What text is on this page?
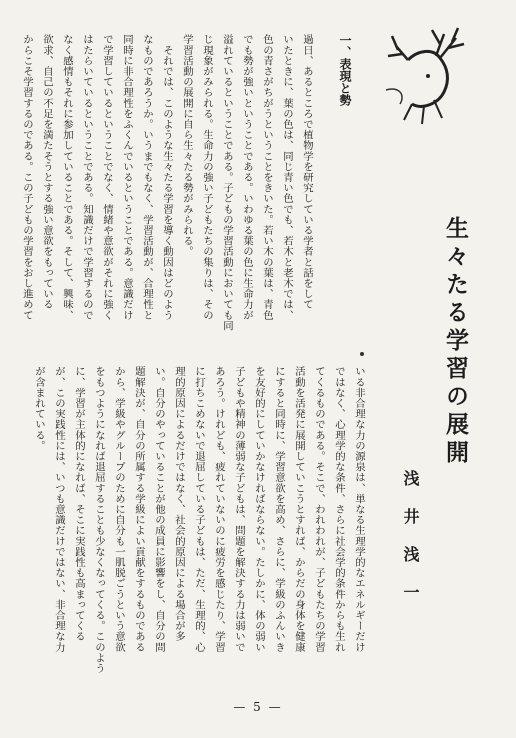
生々たる学習の展開
浅井浅一
一、表現と勢
過日、あるところで植物学を研究している学者と話をして
いたときに、葉の色は、同じ青い色でも、若木と老木では、
色の青さがちがうということをきいた。若い木の葉は、青色
でも勢が強いということである。いわゆる葉の色に生命力が
溢れているということである。子どもの学習活動においても同
じ現象がみられる。生命力の強い子どもたちの集りは、その
学習活動の展開に自ら生々たる勢がみられる。
　それでは、このような生々たる学習を導く動因はどのよう
なものであろうか。いうまでもなく、学習活動が、合理性と
同時に非合理性をふくんでいるということである。意識だけ
で学習しているということでなく、情緒や意欲がそれに強く
はたらいているということである。知識だけで学習するので
なく感情もそれに参加していることである。そして、興味、
欲求、自己の不足を満たそうとする強い意欲をもっている
からこそ学習するのである。この子どもの学習をおし進めて
いる非合理な力の源泉は、単なる生理学的なエネルギーだけ
ではなく、心理学的な条件、さらに社会学的条件からも生れ
てくるものである。そこで、われわれが、子どもたちの学習
活動を活発に展開していこうとすれば、からだの身体を健康
にすると同時に、学習意欲を高め、さらに、学級のふんいき
を友好的にしていかなければならない。たしかに、体の弱い
子どもや精神の薄弱な子どもは、問題を解決する力は弱いで
あろう。けれども、疲れていないのに疲労を感じたり、学習
に打ちこめないで退屈している子どもは、ただ、生理的、心
理的原因によるだけではなく、社会的原因による場合が多
い。自分のやっていることが他の成員に影響をし、自分の問
題解決が、自分の所属する学級によい貢献をするものである
から、学級やグループのために自分も一肌脱ごうという意欲
をもつようになれば退屈することも少なくなってくる。このよう
に、学習が主体的になれば、そこに実践性も高まってくる
が、この実践性には、いつも意識だけではない、非合理な力
が含まれている。
— 5 —
